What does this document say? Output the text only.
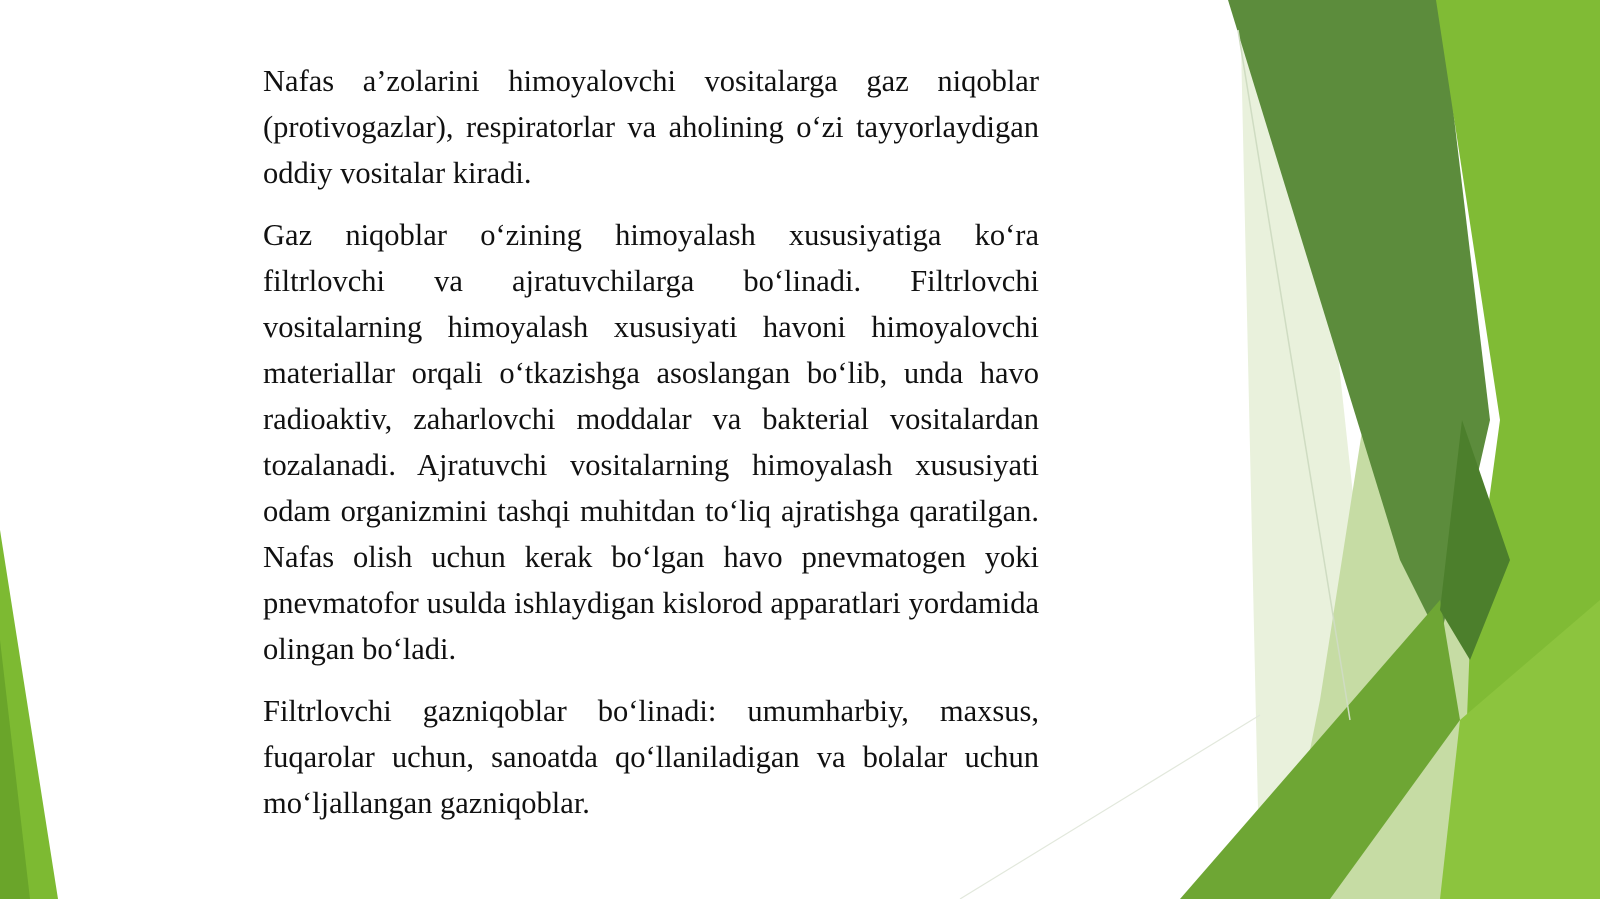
Nafas a’zolarini himoyalovchi vositalarga gaz niqoblar (protivogazlar), respiratorlar va aholining o‘zi tayyorlaydigan oddiy vositalar kiradi.

Gaz niqoblar o‘zining himoyalash xususiyatiga ko‘ra filtrlovchi va ajratuvchilarga bo‘linadi. Filtrlovchi vositalarning himoyalash xususiyati havoni himoyalovchi materiallar orqali o‘tkazishga asoslangan bo‘lib, unda havo radioaktiv, zaharlovchi moddalar va bakterial vositalardan tozalanadi. Ajratuvchi vositalarning himoyalash xususiyati odam organizmini tashqi muhitdan to‘liq ajratishga qaratilgan. Nafas olish uchun kerak bo‘lgan havo pnevmatogen yoki pnevmatofor usulda ishlaydigan kislorod apparatlari yordamida olingan bo‘ladi.

Filtrlovchi gazniqoblar bo‘linadi: umumharbiy, maxsus, fuqarolar uchun, sanoatda qo‘llaniladigan va bolalar uchun mo‘ljallangan gazniqoblar.
